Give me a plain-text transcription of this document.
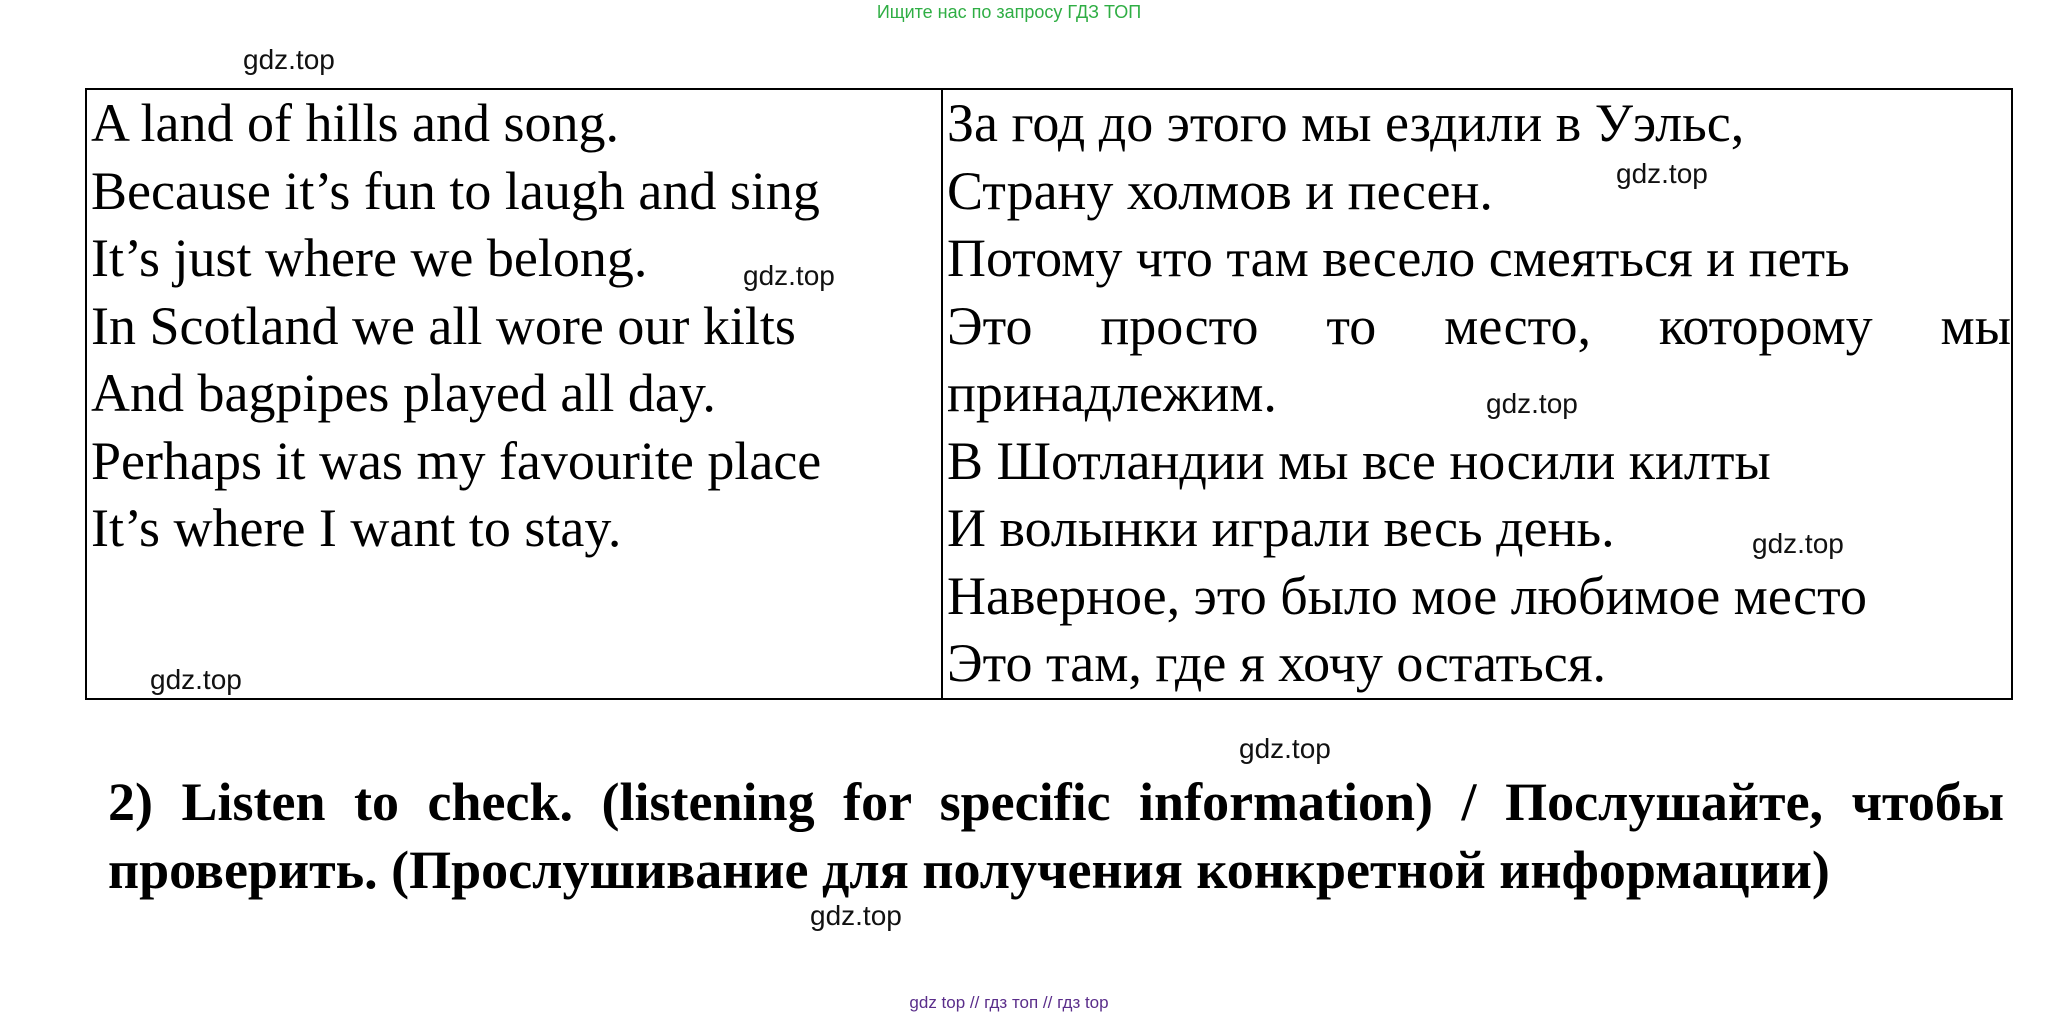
Ищите нас по запросу ГДЗ ТОП
gdz.top
A land of hills and song.
Because it’s fun to laugh and sing
It’s just where we belong.
In Scotland we all wore our kilts
And bagpipes played all day.
Perhaps it was my favourite place
It’s where I want to stay.

За год до этого мы ездили в Уэльс,
Страну холмов и песен.
Потому что там весело смеяться и петь
Это просто то место, которому мы
принадлежим.
В Шотландии мы все носили килты
И волынки играли весь день.
Наверное, это было мое любимое место
Это там, где я хочу остаться.
gdz.top
gdz.top
gdz.top
gdz.top
gdz.top
gdz.top
2) Listen to check. (listening for specific information) / Послушайте, чтобы проверить. (Прослушивание для получения конкретной информации)
gdz.top
gdz top // гдз топ // гдз top
